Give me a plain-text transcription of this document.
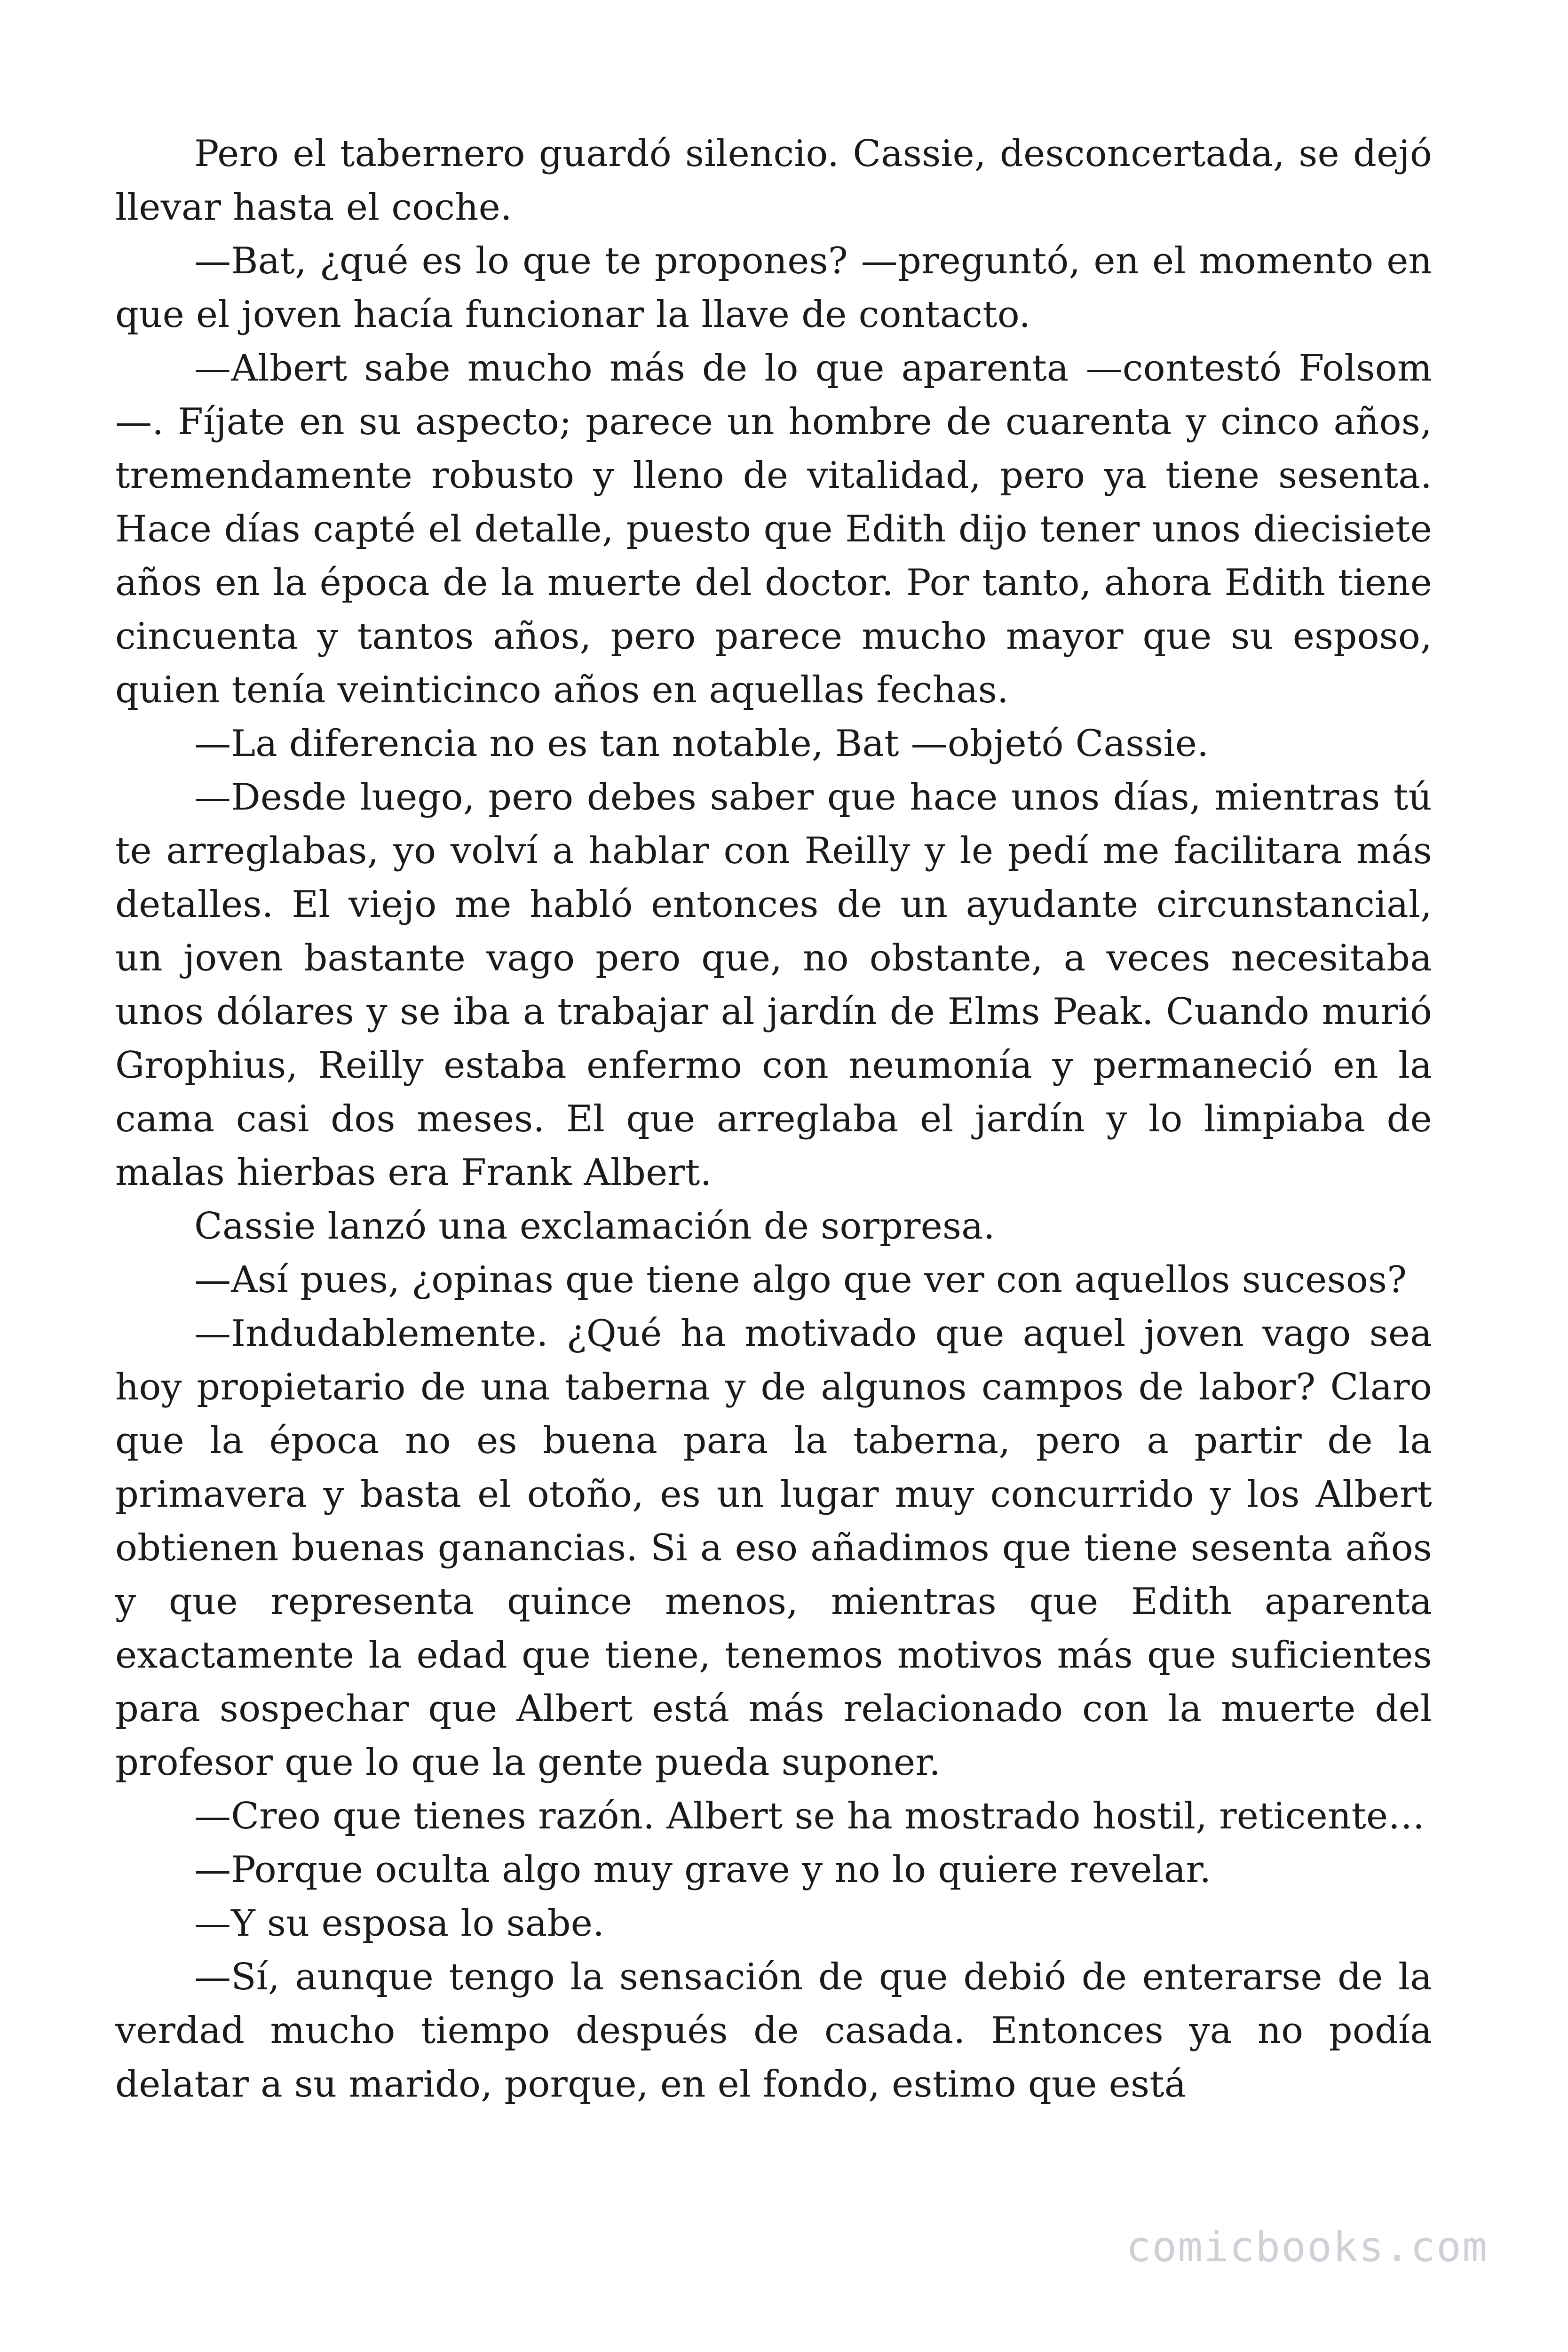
Pero el tabernero guardó silencio. Cassie, desconcertada, se dejó llevar hasta el coche.

—Bat, ¿qué es lo que te propones? —preguntó, en el momento en que el joven hacía funcionar la llave de contacto.

—Albert sabe mucho más de lo que aparenta —contestó Folsom —. Fíjate en su aspecto; parece un hombre de cuarenta y cinco años, tremendamente robusto y lleno de vitalidad, pero ya tiene sesenta. Hace días capté el detalle, puesto que Edith dijo tener unos diecisiete años en la época de la muerte del doctor. Por tanto, ahora Edith tiene cincuenta y tantos años, pero parece mucho mayor que su esposo, quien tenía veinticinco años en aquellas fechas.

—La diferencia no es tan notable, Bat —objetó Cassie.

—Desde luego, pero debes saber que hace unos días, mientras tú te arreglabas, yo volví a hablar con Reilly y le pedí me facilitara más detalles. El viejo me habló entonces de un ayudante circunstancial, un joven bastante vago pero que, no obstante, a veces necesitaba unos dólares y se iba a trabajar al jardín de Elms Peak. Cuando murió Grophius, Reilly estaba enfermo con neumonía y permaneció en la cama casi dos meses. El que arreglaba el jardín y lo limpiaba de malas hierbas era Frank Albert.

Cassie lanzó una exclamación de sorpresa.

—Así pues, ¿opinas que tiene algo que ver con aquellos sucesos?

—Indudablemente. ¿Qué ha motivado que aquel joven vago sea hoy propietario de una taberna y de algunos campos de labor? Claro que la época no es buena para la taberna, pero a partir de la primavera y basta el otoño, es un lugar muy concurrido y los Albert obtienen buenas ganancias. Si a eso añadimos que tiene sesenta años y que representa quince menos, mientras que Edith aparenta exactamente la edad que tiene, tenemos motivos más que suficientes para sospechar que Albert está más relacionado con la muerte del profesor que lo que la gente pueda suponer.

—Creo que tienes razón. Albert se ha mostrado hostil, reticente…

—Porque oculta algo muy grave y no lo quiere revelar.

—Y su esposa lo sabe.

—Sí, aunque tengo la sensación de que debió de enterarse de la verdad mucho tiempo después de casada. Entonces ya no podía delatar a su marido, porque, en el fondo, estimo que está

comicbooks.com
